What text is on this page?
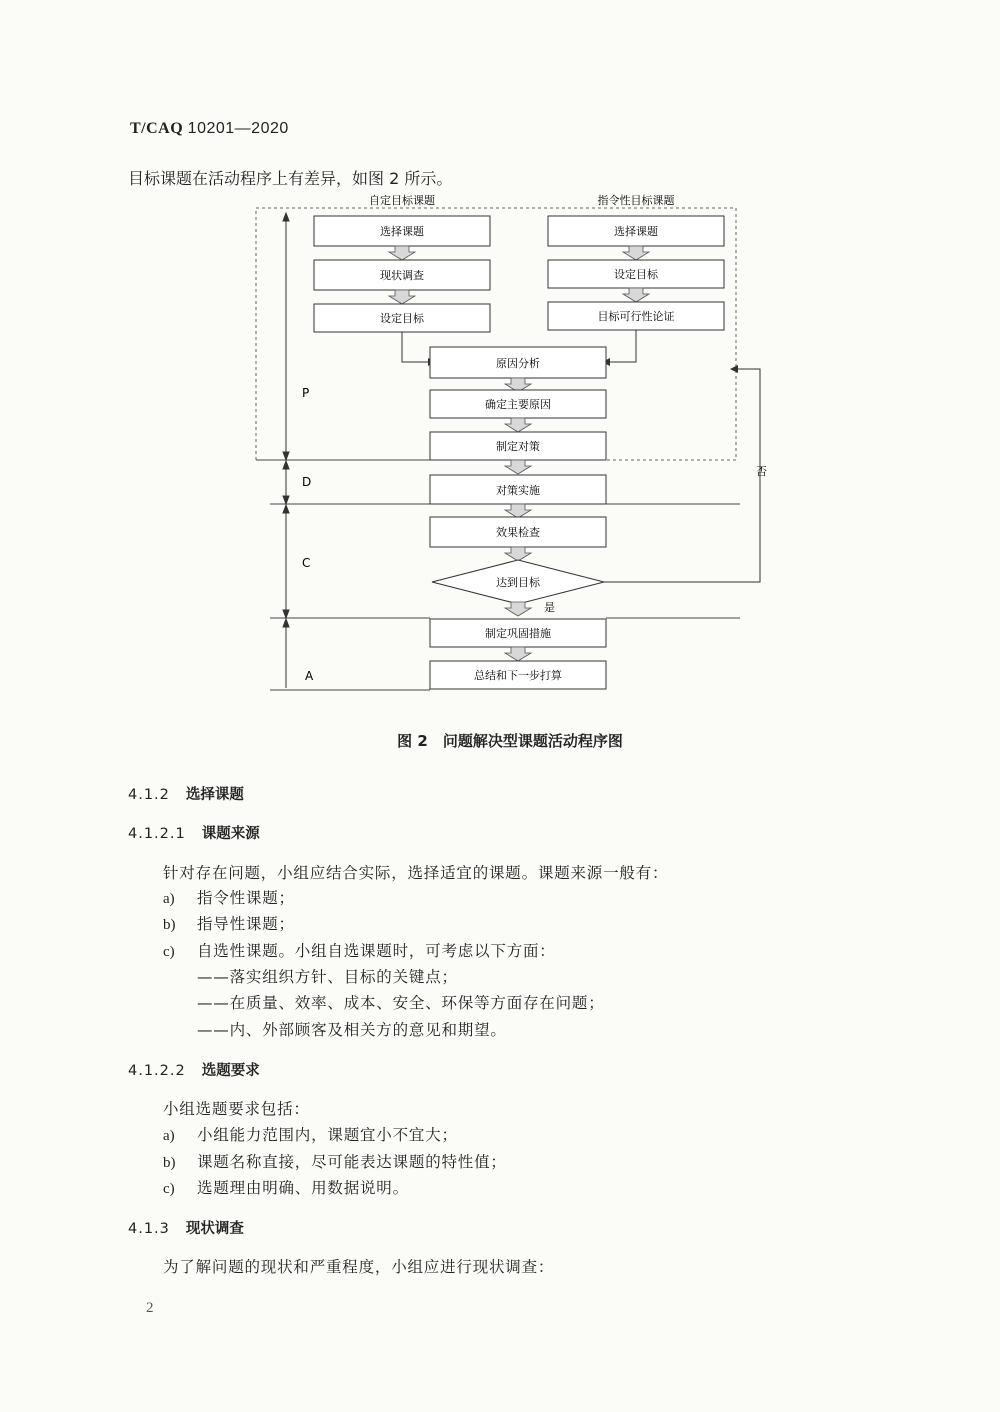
T/CAQ 10201—2020
目标课题在活动程序上有差异，如图 2 所示。
自定目标课题	指令性目标课题
选择课题
现状调查
设定目标
选择课题
设定目标
目标可行性论证
原因分析
确定主要原因
制定对策
对策实施
效果检查
达到目标
是
否
制定巩固措施
总结和下一步打算
P
D
C
A
图 2　问题解决型课题活动程序图
4.1.2 选择课题
4.1.2.1 课题来源
针对存在问题，小组应结合实际，选择适宜的课题。课题来源一般有：
a) 指令性课题；
b) 指导性课题；
c) 自选性课题。小组自选课题时，可考虑以下方面：
——落实组织方针、目标的关键点；
——在质量、效率、成本、安全、环保等方面存在问题；
——内、外部顾客及相关方的意见和期望。
4.1.2.2 选题要求
小组选题要求包括：
a) 小组能力范围内，课题宜小不宜大；
b) 课题名称直接，尽可能表达课题的特性值；
c) 选题理由明确、用数据说明。
4.1.3 现状调查
为了解问题的现状和严重程度，小组应进行现状调查：
2
